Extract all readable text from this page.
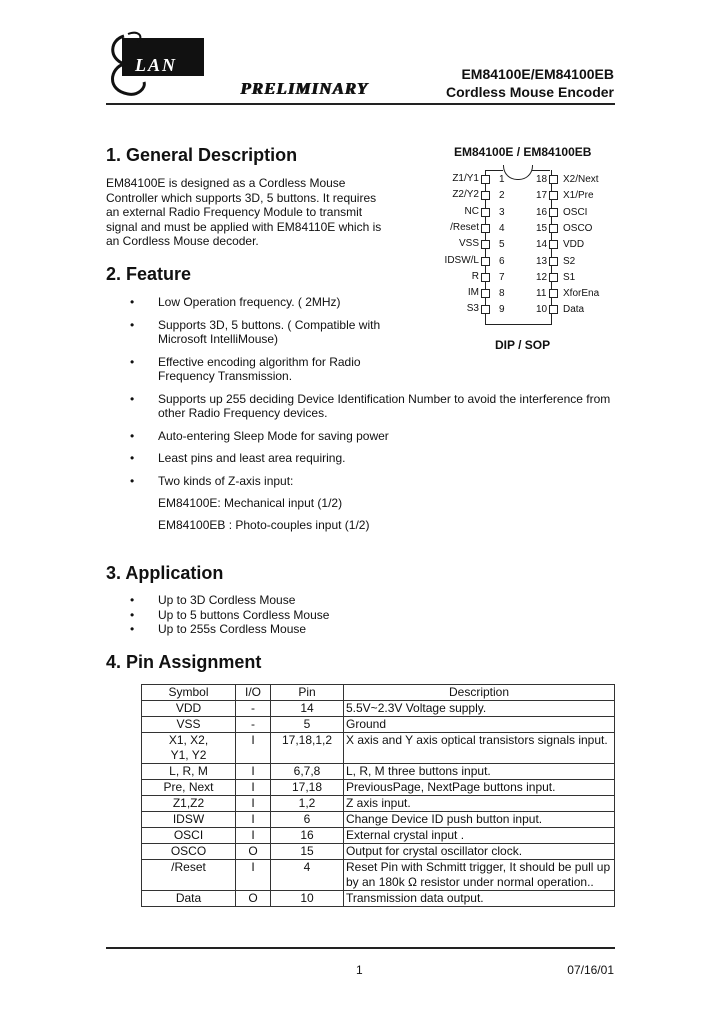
LAN
PRELIMINARY
EM84100E/EM84100EB
Cordless Mouse Encoder
1. General Description
EM84100E is designed as a Cordless Mouse
Controller which supports 3D, 5 buttons. It requires
an external Radio Frequency Module to transmit
signal and must be applied with EM84110E which is
an Cordless Mouse decoder.
2. Feature
• Low Operation frequency. ( 2MHz)
• Supports 3D, 5 buttons. ( Compatible with
Microsoft IntelliMouse)
• Effective encoding algorithm for Radio
Frequency Transmission.
• Supports up 255 deciding Device Identification Number to avoid the interference from
other Radio Frequency devices.
• Auto-entering Sleep Mode for saving power
• Least pins and least area requiring.
• Two kinds of Z-axis input:
EM84100E: Mechanical input (1/2)
EM84100EB : Photo-couples input (1/2)
EM84100E / EM84100EB
Z1/Y1 1
Z2/Y2 2
NC 3
/Reset 4
VSS 5
IDSW/L 6
R 7
IM 8
S3 9
18 X2/Next
17 X1/Pre
16 OSCI
15 OSCO
14 VDD
13 S2
12 S1
11 XforEna
10 Data
DIP / SOP
3. Application
• Up to 3D Cordless Mouse
• Up to 5 buttons Cordless Mouse
• Up to 255s Cordless Mouse
4. Pin Assignment
Symbol	I/O	Pin	Description

VDD	-	14	5.5V~2.3V Voltage supply.

VSS	-	5	Ground

X1, X2,
Y1, Y2	I	17,18,1,2	X axis and Y axis optical transistors signals input.

L, R, M	I	6,7,8	L, R, M three buttons input.

Pre, Next	I	17,18	PreviousPage, NextPage buttons input.

Z1,Z2	I	1,2	Z axis input.

IDSW	I	6	Change Device ID push button input.

OSCI	I	16	External crystal input .

OSCO	O	15	Output for crystal oscillator clock.

/Reset	I	4	Reset Pin with Schmitt trigger, It should be pull up
by an 180k Ω resistor under normal operation..

Data	O	10	Transmission data output.
1	07/16/01
